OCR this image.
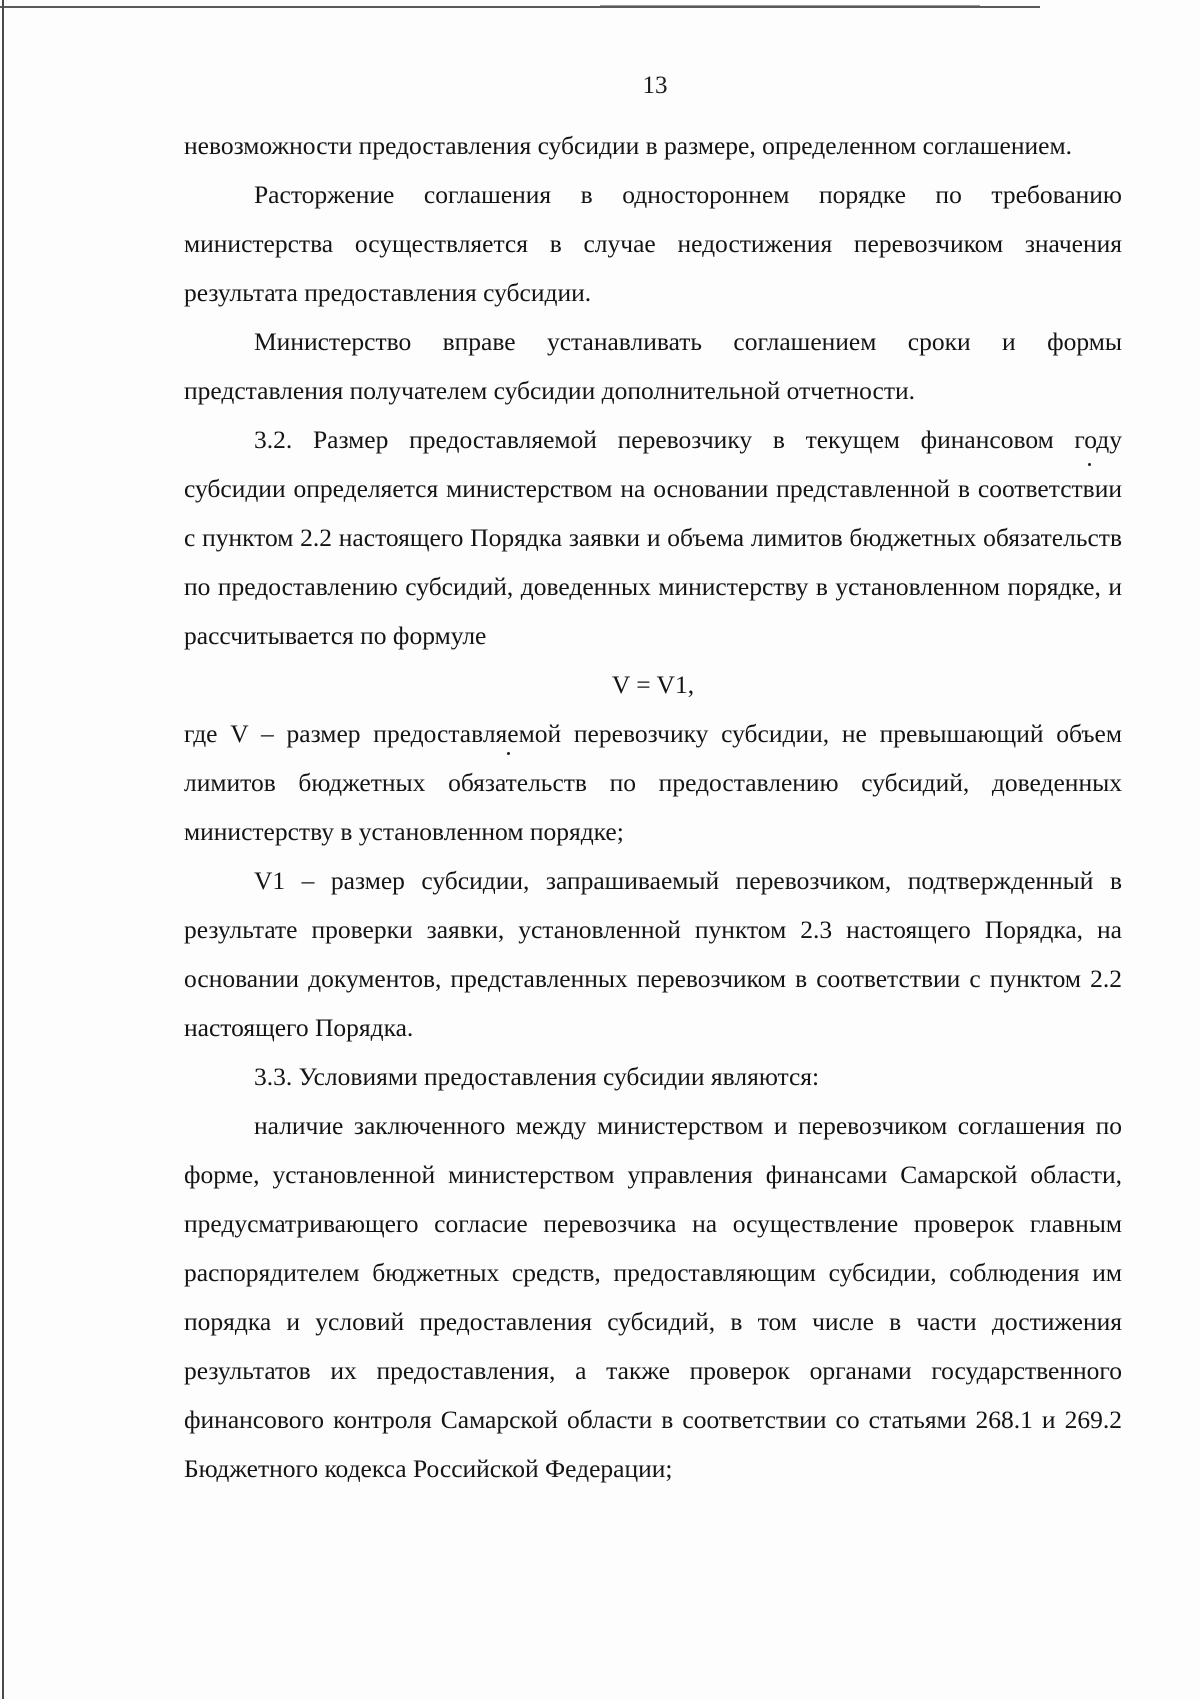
13

невозможности предоставления субсидии в размере, определенном соглашением.

Расторжение соглашения в одностороннем порядке по требованию министерства осуществляется в случае недостижения перевозчиком значения результата предоставления субсидии.

Министерство вправе устанавливать соглашением сроки и формы представления получателем субсидии дополнительной отчетности.

3.2. Размер предоставляемой перевозчику в текущем финансовом году субсидии определяется министерством на основании представленной в соответствии с пунктом 2.2 настоящего Порядка заявки и объема лимитов бюджетных обязательств по предоставлению субсидий, доведенных министерству в установленном порядке, и рассчитывается по формуле

V = V1,

где V – размер предоставляемой перевозчику субсидии, не превышающий объем лимитов бюджетных обязательств по предоставлению субсидий, доведенных министерству в установленном порядке;

V1 – размер субсидии, запрашиваемый перевозчиком, подтвержденный в результате проверки заявки, установленной пунктом 2.3 настоящего Порядка, на основании документов, представленных перевозчиком в соответствии с пунктом 2.2 настоящего Порядка.

3.3. Условиями предоставления субсидии являются:

наличие заключенного между министерством и перевозчиком соглашения по форме, установленной министерством управления финансами Самарской области, предусматривающего согласие перевозчика на осуществление проверок главным распорядителем бюджетных средств, предоставляющим субсидии, соблюдения им порядка и условий предоставления субсидий, в том числе в части достижения результатов их предоставления, а также проверок органами государственного финансового контроля Самарской области в соответствии со статьями 268.1 и 269.2 Бюджетного кодекса Российской Федерации;
